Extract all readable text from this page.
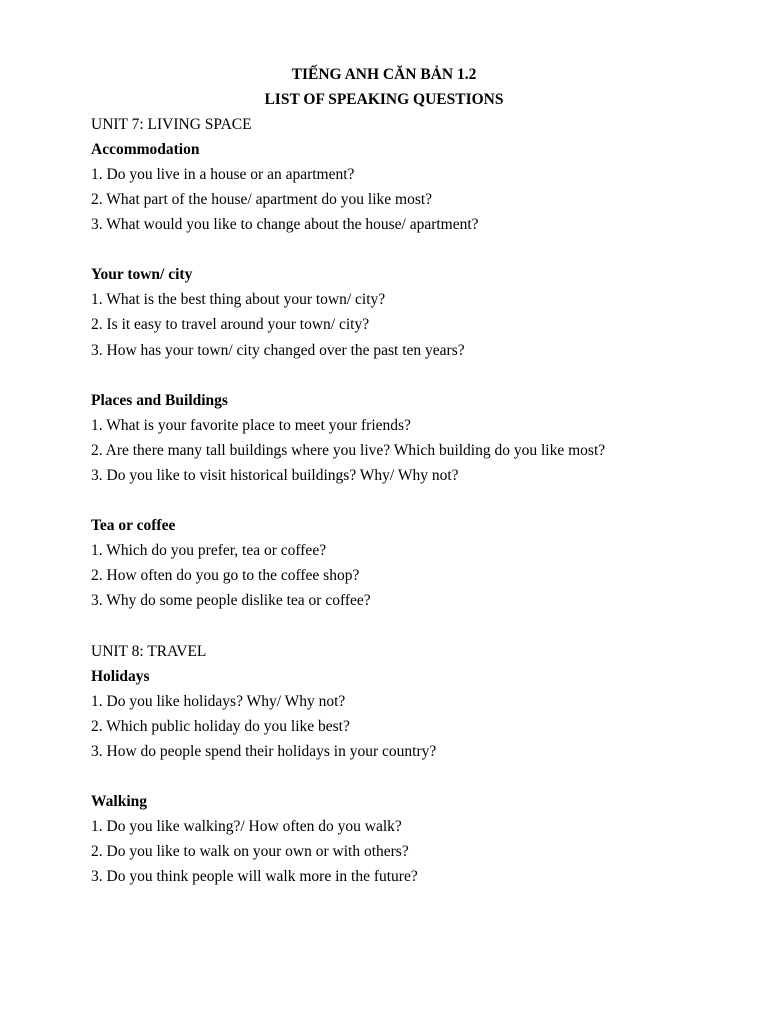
TIẾNG ANH CĂN BẢN 1.2
LIST OF SPEAKING QUESTIONS
UNIT 7: LIVING SPACE
Accommodation
1. Do you live in a house or an apartment?
2. What part of the house/ apartment do you like most?
3. What would you like to change about the house/ apartment?
Your town/ city
1. What is the best thing about your town/ city?
2. Is it easy to travel around your town/ city?
3. How has your town/ city changed over the past ten years?
Places and Buildings
1. What is your favorite place to meet your friends?
2. Are there many tall buildings where you live? Which building do you like most?
3. Do you like to visit historical buildings? Why/ Why not?
Tea or coffee
1. Which do you prefer, tea or coffee?
2. How often do you go to the coffee shop?
3. Why do some people dislike tea or coffee?
UNIT 8: TRAVEL
Holidays
1. Do you like holidays? Why/ Why not?
2. Which public holiday do you like best?
3. How do people spend their holidays in your country?
Walking
1. Do you like walking?/ How often do you walk?
2. Do you like to walk on your own or with others?
3. Do you think people will walk more in the future?
